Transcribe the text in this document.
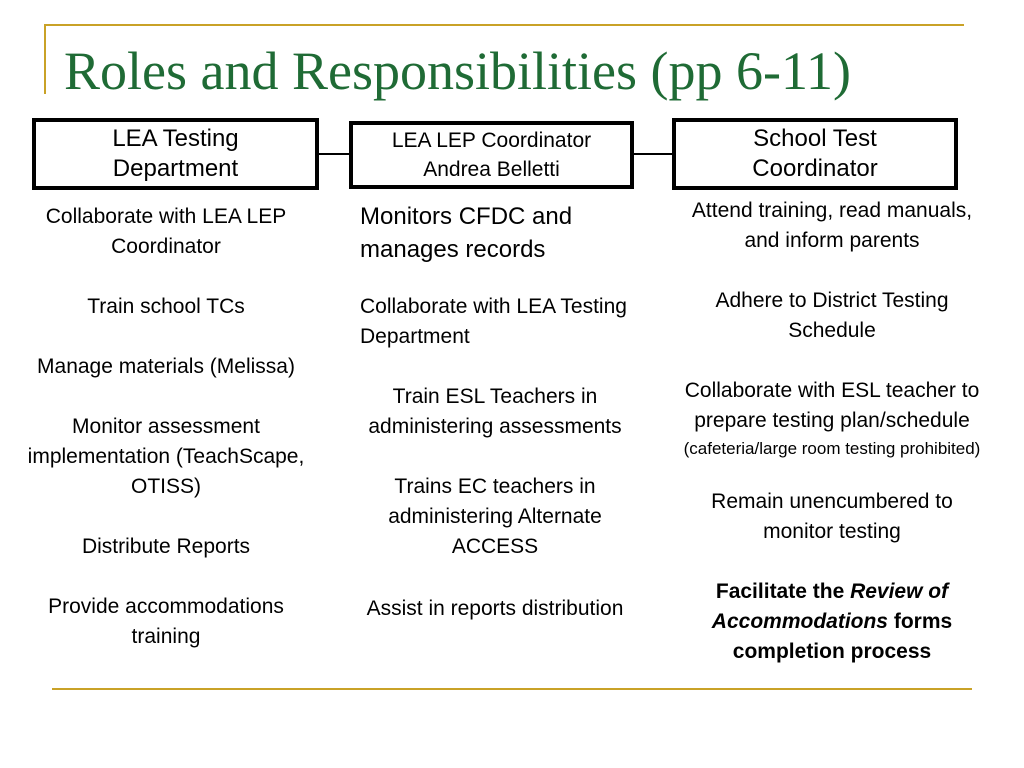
Roles and Responsibilities (pp 6-11)
LEA Testing
Department
LEA LEP Coordinator
Andrea Belletti
School Test
Coordinator

Collaborate with LEA LEP Coordinator

Train school TCs

Manage materials (Melissa)

Monitor assessment implementation (TeachScape, OTISS)

Distribute Reports

Provide accommodations training

Monitors CFDC and manages records

Collaborate with LEA Testing Department

Train ESL Teachers in administering assessments

Trains EC teachers in administering Alternate ACCESS

Assist in reports distribution

Attend training, read manuals, and inform parents

Adhere to District Testing Schedule

Collaborate with ESL teacher to prepare testing plan/schedule

(cafeteria/large room testing prohibited)

Remain unencumbered to monitor testing

Facilitate the Review of Accommodations forms completion process
